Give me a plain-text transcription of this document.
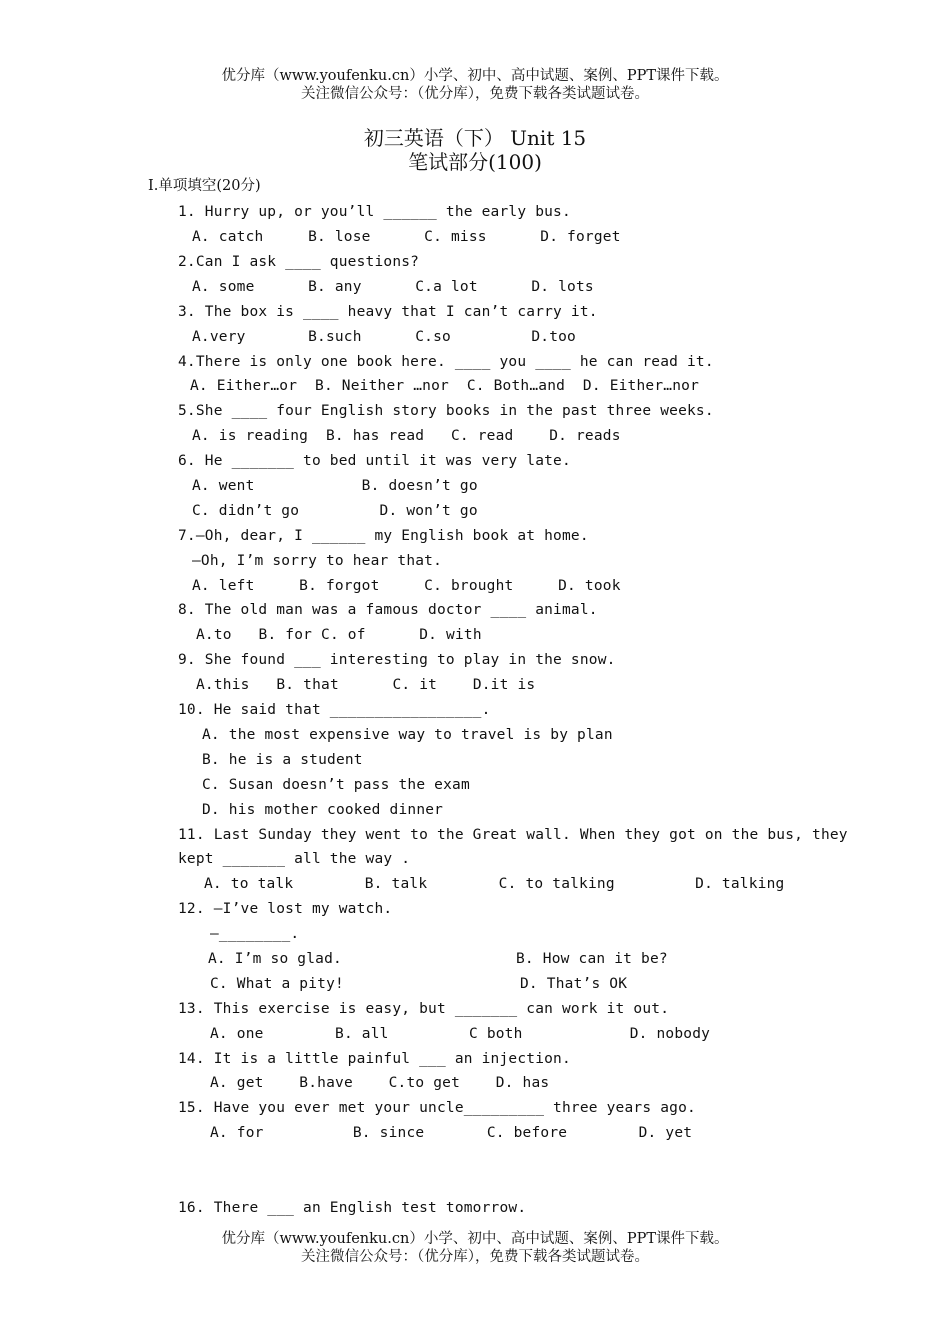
优分库（www.youfenku.cn）小学、初中、高中试题、案例、PPT课件下载。
关注微信公众号：（优分库），免费下载各类试题试卷。
初三英语（下） Unit 15
笔试部分(100)
Ⅰ.单项填空(20分)
1. Hurry up, or you’ll ______ the early bus.
A. catch     B. lose      C. miss      D. forget
2.Can I ask ____ questions?
A. some      B. any      C.a lot      D. lots
3. The box is ____ heavy that I can’t carry it.
A.very       B.such      C.so         D.too
4.There is only one book here. ____ you ____ he can read it.
A. Either…or  B. Neither …nor  C. Both…and  D. Either…nor
5.She ____ four English story books in the past three weeks.
A. is reading  B. has read   C. read    D. reads
6. He _______ to bed until it was very late.
A. went            B. doesn’t go
C. didn’t go         D. won’t go
7.—Oh, dear, I ______ my English book at home.
—Oh, I’m sorry to hear that.
A. left     B. forgot     C. brought     D. took
8. The old man was a famous doctor ____ animal.
A.to   B. for C. of      D. with
9. She found ___ interesting to play in the snow.
A.this   B. that      C. it    D.it is
10. He said that _________________.
A. the most expensive way to travel is by plan
B. he is a student
C. Susan doesn’t pass the exam
D. his mother cooked dinner
11. Last Sunday they went to the Great wall. When they got on the bus, they
kept _______ all the way .
A. to talk        B. talk        C. to talking         D. talking
12. —I’ve lost my watch.
—________.
A. I’m so glad.	B. How can it be?
C. What a pity!	D. That’s OK
13. This exercise is easy, but _______ can work it out.
A. one        B. all         C both            D. nobody
14. It is a little painful ___ an injection.
A. get    B.have    C.to get    D. has
15. Have you ever met your uncle_________ three years ago.
A. for          B. since       C. before        D. yet
16. There ___ an English test tomorrow.
优分库（www.youfenku.cn）小学、初中、高中试题、案例、PPT课件下载。
关注微信公众号：（优分库），免费下载各类试题试卷。
